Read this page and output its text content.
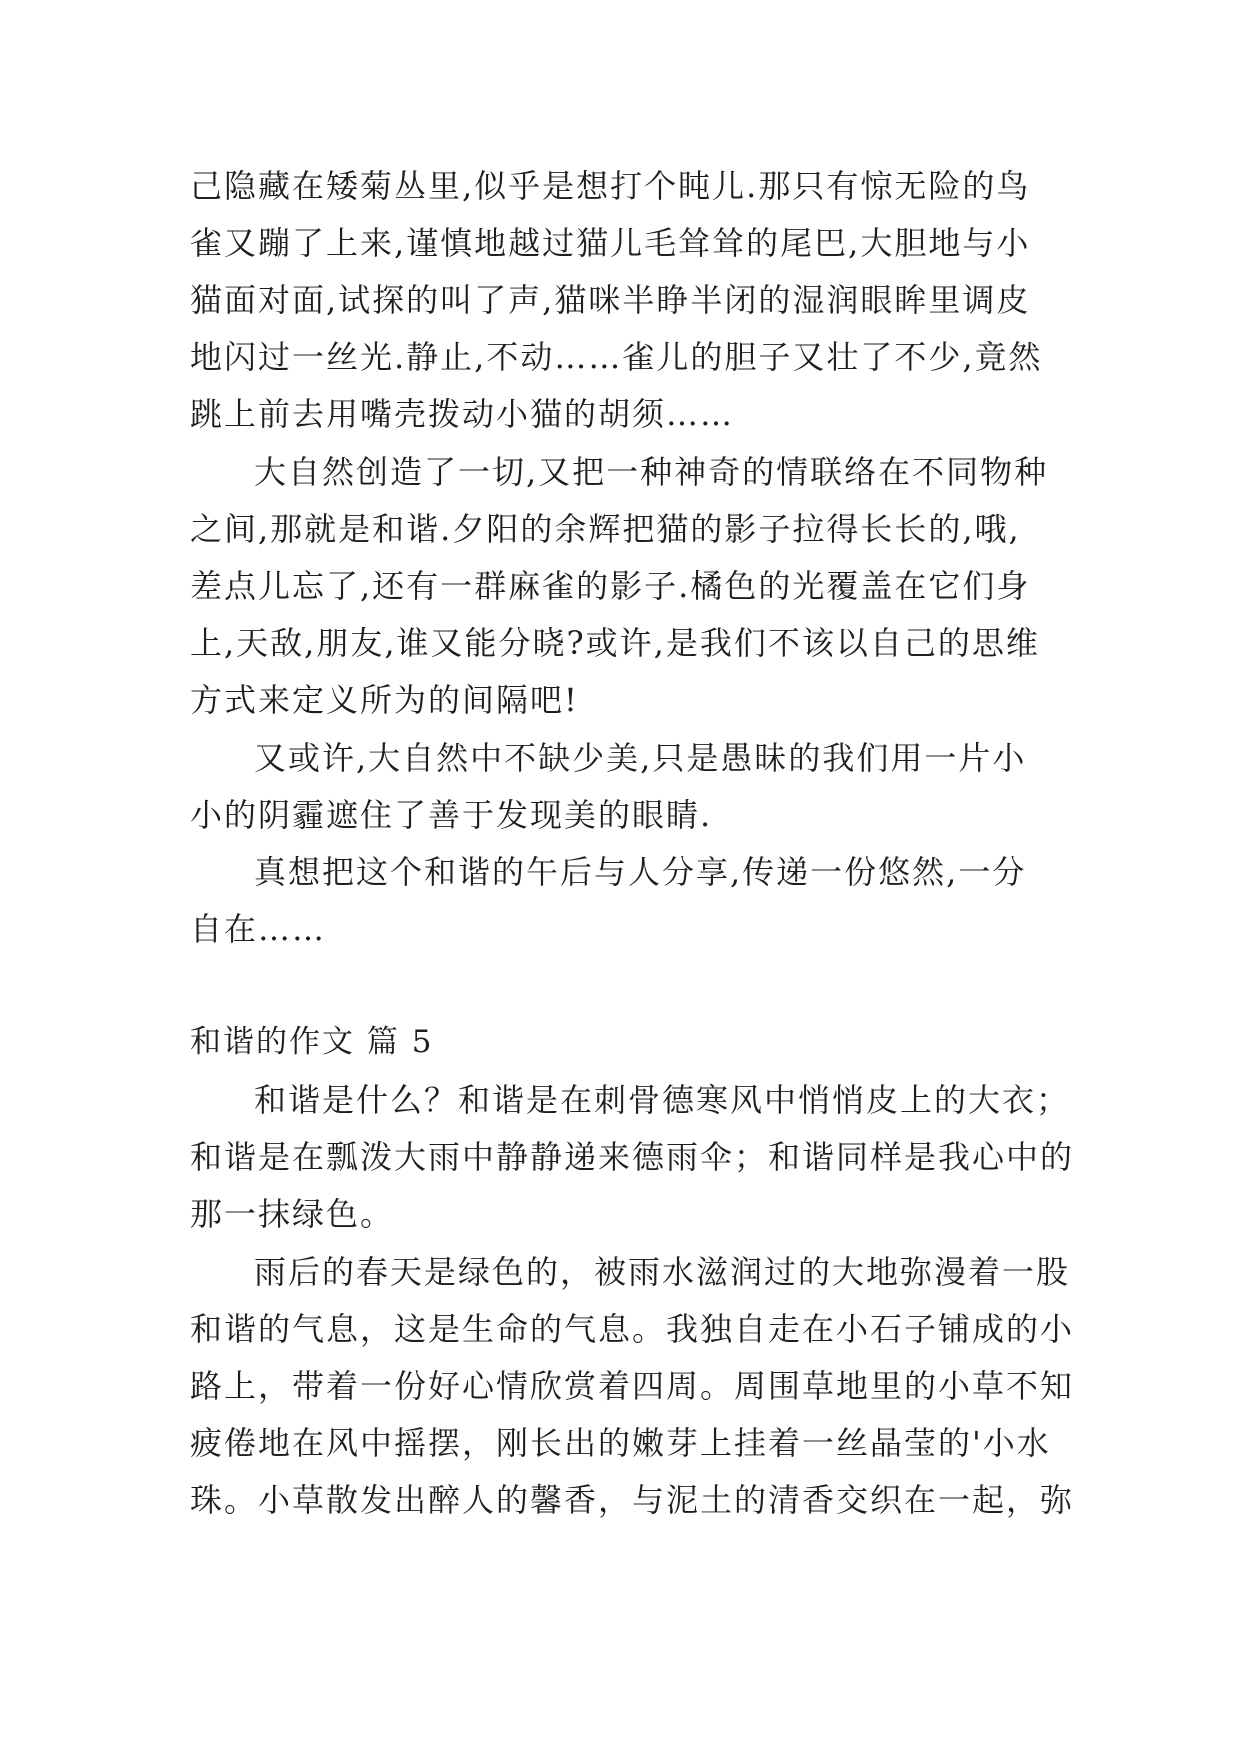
己隐藏在矮菊丛里,似乎是想打个盹儿.那只有惊无险的鸟
雀又蹦了上来,谨慎地越过猫儿毛耸耸的尾巴,大胆地与小
猫面对面,试探的叫了声,猫咪半睁半闭的湿润眼眸里调皮
地闪过一丝光.静止,不动……雀儿的胆子又壮了不少,竟然
跳上前去用嘴壳拨动小猫的胡须……
大自然创造了一切,又把一种神奇的情联络在不同物种
之间,那就是和谐.夕阳的余辉把猫的影子拉得长长的,哦,
差点儿忘了,还有一群麻雀的影子.橘色的光覆盖在它们身
上,天敌,朋友,谁又能分晓?或许,是我们不该以自己的思维
方式来定义所为的间隔吧!
又或许,大自然中不缺少美,只是愚昧的我们用一片小
小的阴霾遮住了善于发现美的眼睛.
真想把这个和谐的午后与人分享,传递一份悠然,一分
自在……
和谐的作文 篇 5
和谐是什么？和谐是在刺骨德寒风中悄悄皮上的大衣；
和谐是在瓢泼大雨中静静递来德雨伞；和谐同样是我心中的
那一抹绿色。
雨后的春天是绿色的，被雨水滋润过的大地弥漫着一股
和谐的气息，这是生命的气息。我独自走在小石子铺成的小
路上，带着一份好心情欣赏着四周。周围草地里的小草不知
疲倦地在风中摇摆，刚长出的嫩芽上挂着一丝晶莹的'小水
珠。小草散发出醉人的馨香，与泥土的清香交织在一起，弥
